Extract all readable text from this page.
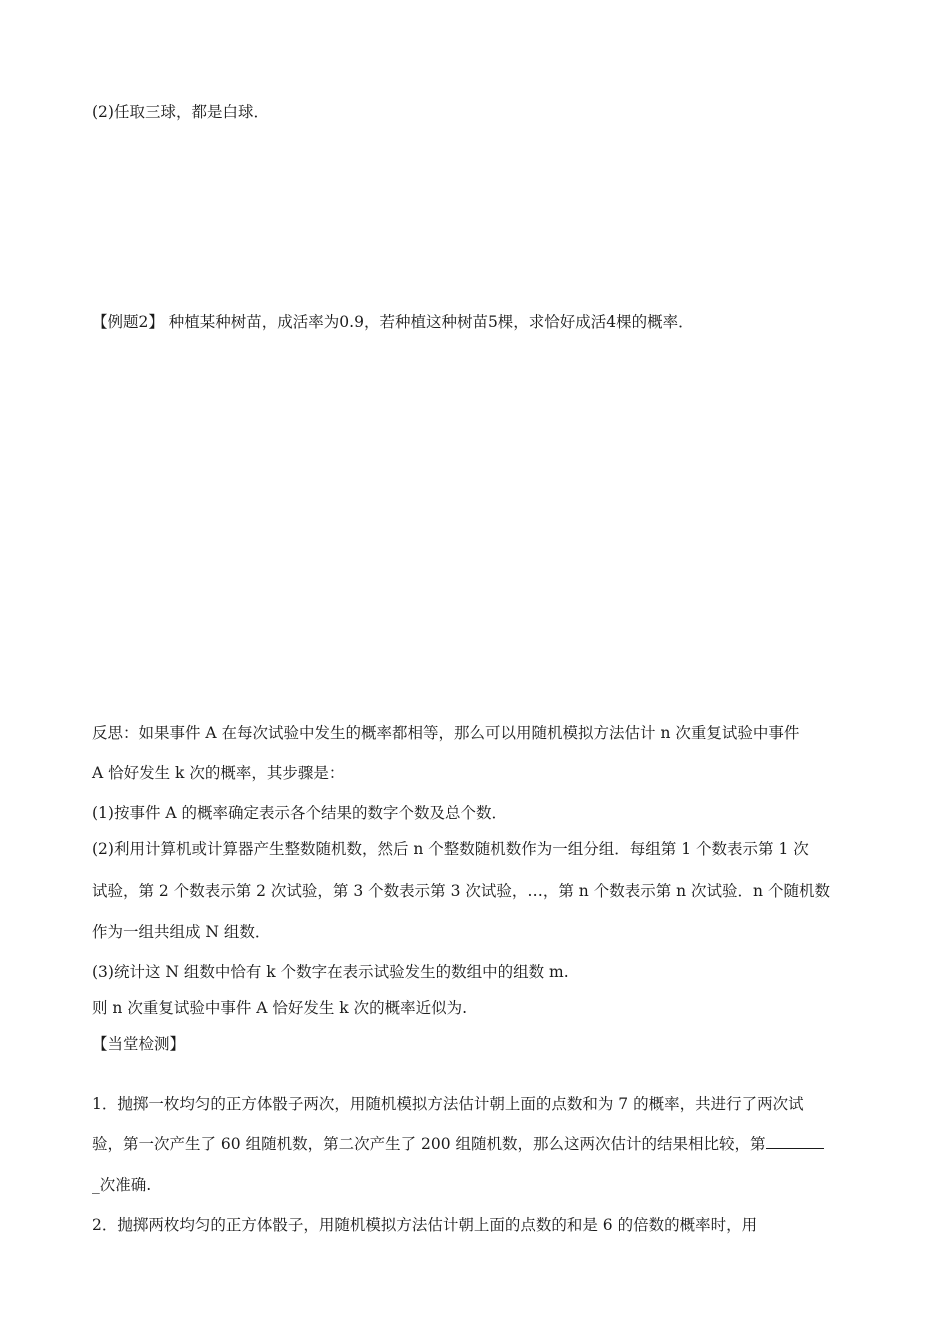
(2)任取三球，都是白球．
【例题2】 种植某种树苗，成活率为0.9，若种植这种树苗5棵，求恰好成活4棵的概率．
反思：如果事件 A 在每次试验中发生的概率都相等，那么可以用随机模拟方法估计 n 次重复试验中事件
A 恰好发生 k 次的概率，其步骤是：
(1)按事件 A 的概率确定表示各个结果的数字个数及总个数．
(2)利用计算机或计算器产生整数随机数，然后 n 个整数随机数作为一组分组．每组第 1 个数表示第 1 次
试验，第 2 个数表示第 2 次试验，第 3 个数表示第 3 次试验，…，第 n 个数表示第 n 次试验．n 个随机数
作为一组共组成 N 组数．
(3)统计这 N 组数中恰有 k 个数字在表示试验发生的数组中的组数 m.
则 n 次重复试验中事件 A 恰好发生 k 次的概率近似为.
【当堂检测】
1．抛掷一枚均匀的正方体骰子两次，用随机模拟方法估计朝上面的点数和为 7 的概率，共进行了两次试
验，第一次产生了 60 组随机数，第二次产生了 200 组随机数，那么这两次估计的结果相比较，第
_次准确.
2．抛掷两枚均匀的正方体骰子，用随机模拟方法估计朝上面的点数的和是 6 的倍数的概率时，用
